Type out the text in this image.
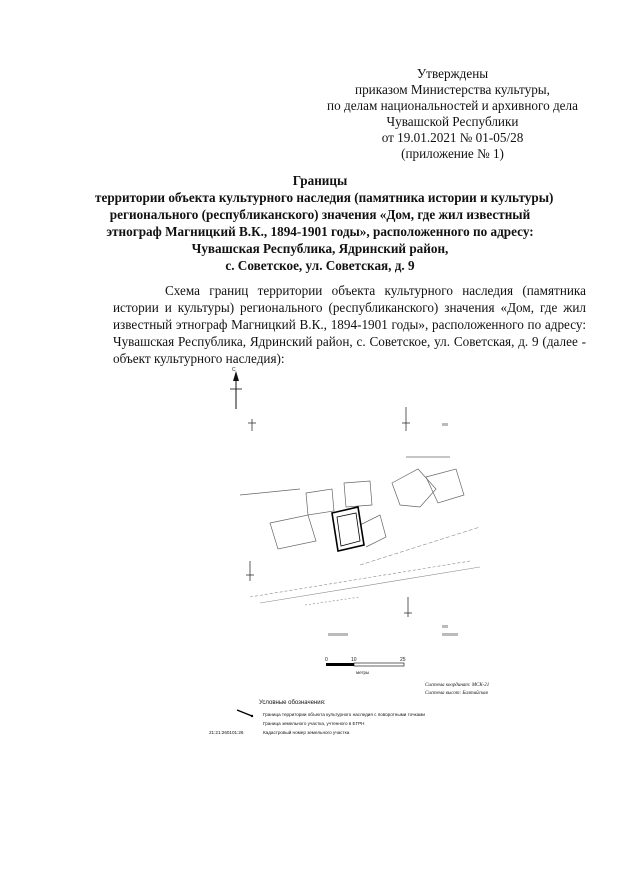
Утверждены
приказом Министерства культуры,
по делам национальностей и архивного дела
Чувашской Республики
от 19.01.2021 № 01-05/28
(приложение № 1)
Границы
территории объекта культурного наследия (памятника истории и культуры)
регионального (республиканского) значения «Дом, где жил известный
этнограф Магницкий В.К., 1894-1901 годы», расположенного по адресу:
Чувашская Республика, Ядринский район,
с. Советское, ул. Советская, д. 9
Схема границ территории объекта культурного наследия (памятника истории и культуры) регионального (республиканского) значения «Дом, где жил известный этнограф Магницкий В.К., 1894-1901 годы», расположенного по адресу: Чувашская Республика, Ядринский район, с. Советское, ул. Советская, д. 9 (далее - объект культурного наследия):
С
0	10	25
метры
Система координат: МСК-21
Система высот: Балтийская
Условные обозначения:
Граница территории объекта культурного наследия с поворотными точками
Граница земельного участка, учтенного в ЕГРН
21:21:260101:26	Кадастровый номер земельного участка
